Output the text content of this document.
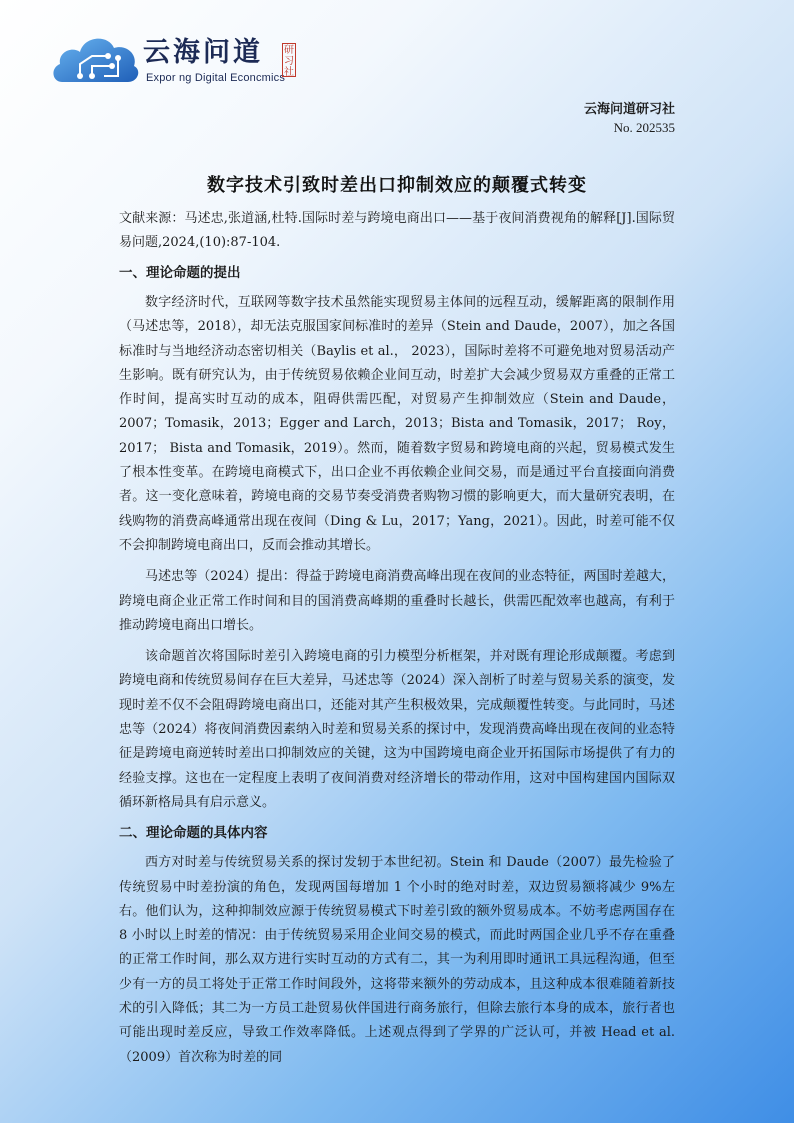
云海问道
Expor ng Digital Econcmics
研习社
云海问道研习社
No. 202535
数字技术引致时差出口抑制效应的颠覆式转变

文献来源：马述忠,张道涵,杜特.国际时差与跨境电商出口——基于夜间消费视角的解释[J].国际贸易问题,2024,(10):87-104.

一、理论命题的提出

数字经济时代，互联网等数字技术虽然能实现贸易主体间的远程互动，缓解距离的限制作用（马述忠等，2018），却无法克服国家间标准时的差异（Stein and Daude，2007），加之各国标准时与当地经济动态密切相关（Baylis et al.， 2023），国际时差将不可避免地对贸易活动产生影响。既有研究认为，由于传统贸易依赖企业间互动，时差扩大会减少贸易双方重叠的正常工作时间，提高实时互动的成本，阻碍供需匹配，对贸易产生抑制效应（Stein and Daude，2007；Tomasik，2013；Egger and Larch，2013；Bista and Tomasik，2017； Roy，2017； Bista and Tomasik，2019）。然而，随着数字贸易和跨境电商的兴起，贸易模式发生了根本性变革。在跨境电商模式下，出口企业不再依赖企业间交易，而是通过平台直接面向消费者。这一变化意味着，跨境电商的交易节奏受消费者购物习惯的影响更大，而大量研究表明，在线购物的消费高峰通常出现在夜间（Ding & Lu，2017；Yang，2021）。因此，时差可能不仅不会抑制跨境电商出口，反而会推动其增长。

马述忠等（2024）提出：得益于跨境电商消费高峰出现在夜间的业态特征，两国时差越大，跨境电商企业正常工作时间和目的国消费高峰期的重叠时长越长，供需匹配效率也越高，有利于推动跨境电商出口增长。

该命题首次将国际时差引入跨境电商的引力模型分析框架，并对既有理论形成颠覆。考虑到跨境电商和传统贸易间存在巨大差异，马述忠等（2024）深入剖析了时差与贸易关系的演变，发现时差不仅不会阻碍跨境电商出口，还能对其产生积极效果，完成颠覆性转变。与此同时，马述忠等（2024）将夜间消费因素纳入时差和贸易关系的探讨中，发现消费高峰出现在夜间的业态特征是跨境电商逆转时差出口抑制效应的关键，这为中国跨境电商企业开拓国际市场提供了有力的经验支撑。这也在一定程度上表明了夜间消费对经济增长的带动作用，这对中国构建国内国际双循环新格局具有启示意义。

二、理论命题的具体内容

西方对时差与传统贸易关系的探讨发轫于本世纪初。Stein 和 Daude（2007）最先检验了传统贸易中时差扮演的角色，发现两国每增加 1 个小时的绝对时差，双边贸易额将减少 9%左右。他们认为，这种抑制效应源于传统贸易模式下时差引致的额外贸易成本。不妨考虑两国存在 8 小时以上时差的情况：由于传统贸易采用企业间交易的模式，而此时两国企业几乎不存在重叠的正常工作时间，那么双方进行实时互动的方式有二，其一为利用即时通讯工具远程沟通，但至少有一方的员工将处于正常工作时间段外，这将带来额外的劳动成本，且这种成本很难随着新技术的引入降低；其二为一方员工赴贸易伙伴国进行商务旅行，但除去旅行本身的成本，旅行者也可能出现时差反应，导致工作效率降低。上述观点得到了学界的广泛认可，并被 Head et al.（2009）首次称为时差的同
